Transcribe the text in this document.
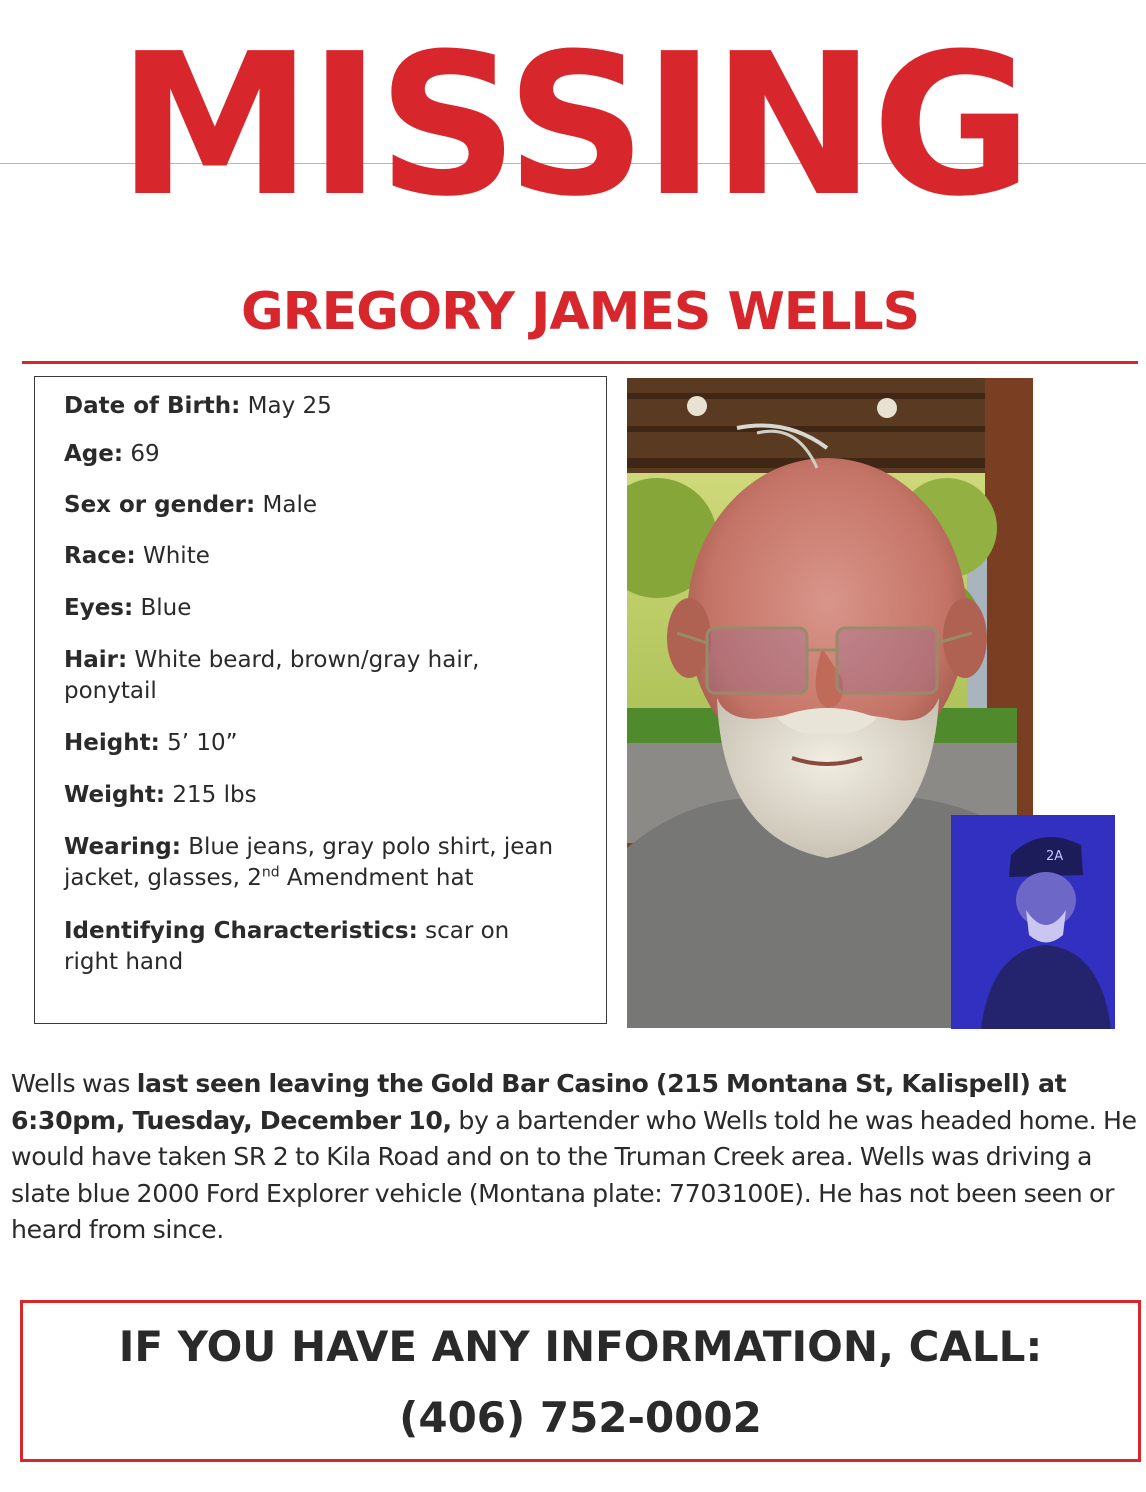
MISSING
GREGORY JAMES WELLS
Date of Birth: May 25
Age: 69
Sex or gender: Male
Race: White
Eyes: Blue
Hair: White beard, brown/gray hair, ponytail
Height: 5’ 10”
Weight: 215 lbs
Wearing: Blue jeans, gray polo shirt, jean jacket, glasses, 2nd Amendment hat
Identifying Characteristics: scar on right hand
2A
Wells was last seen leaving the Gold Bar Casino (215 Montana St, Kalispell) at 6:30pm, Tuesday, December 10, by a bartender who Wells told he was headed home. He would have taken SR 2 to Kila Road and on to the Truman Creek area. Wells was driving a slate blue 2000 Ford Explorer vehicle (Montana plate: 7703100E). He has not been seen or heard from since.
IF YOU HAVE ANY INFORMATION, CALL:
(406) 752-0002
